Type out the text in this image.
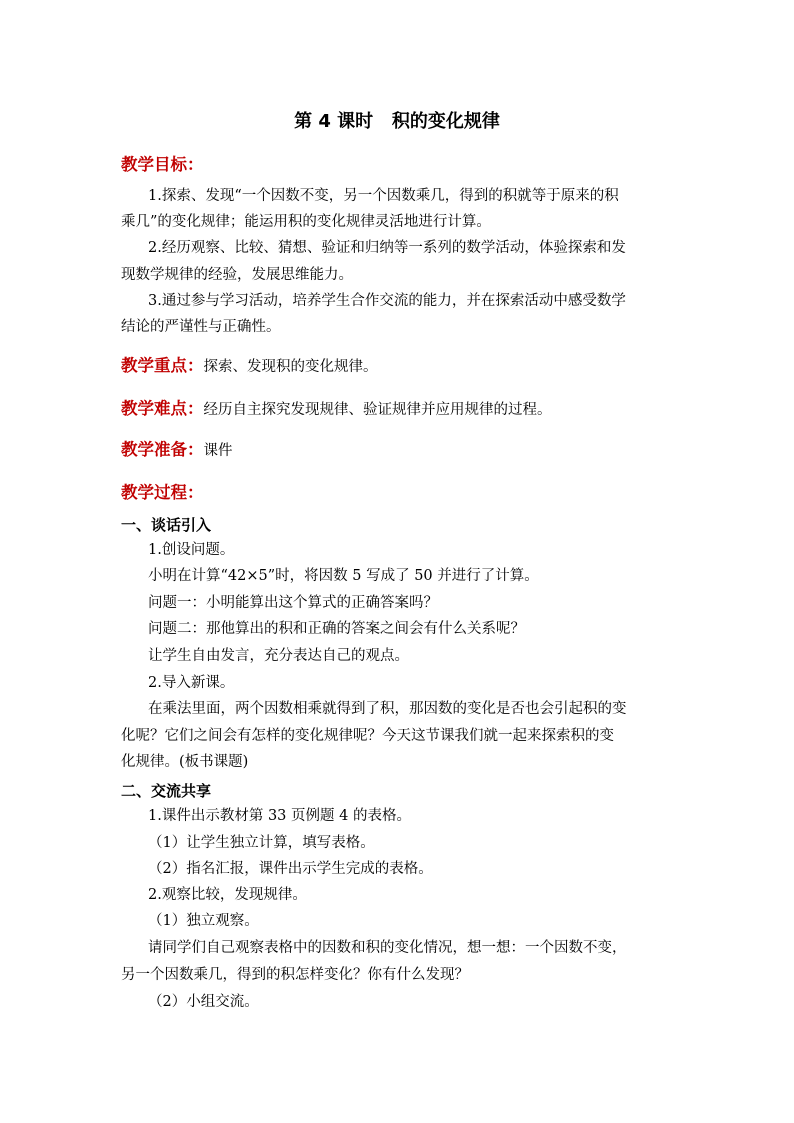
第 4 课时   积的变化规律
教学目标：
1.探索、发现“一个因数不变，另一个因数乘几，得到的积就等于原来的积
乘几”的变化规律；能运用积的变化规律灵活地进行计算。
2.经历观察、比较、猜想、验证和归纳等一系列的数学活动，体验探索和发
现数学规律的经验，发展思维能力。
3.通过参与学习活动，培养学生合作交流的能力，并在探索活动中感受数学
结论的严谨性与正确性。
教学重点：探索、发现积的变化规律。
教学难点：经历自主探究发现规律、验证规律并应用规律的过程。
教学准备：课件
教学过程：
一、谈话引入
1.创设问题。
小明在计算“42×5”时，将因数 5 写成了 50 并进行了计算。
问题一：小明能算出这个算式的正确答案吗？
问题二：那他算出的积和正确的答案之间会有什么关系呢？
让学生自由发言，充分表达自己的观点。
2.导入新课。
在乘法里面，两个因数相乘就得到了积，那因数的变化是否也会引起积的变
化呢？它们之间会有怎样的变化规律呢？今天这节课我们就一起来探索积的变
化规律。(板书课题)
二、交流共享
1.课件出示教材第 33 页例题 4 的表格。
（1）让学生独立计算，填写表格。
（2）指名汇报，课件出示学生完成的表格。
2.观察比较，发现规律。
（1）独立观察。
请同学们自己观察表格中的因数和积的变化情况，想一想：一个因数不变，
另一个因数乘几，得到的积怎样变化？你有什么发现？
（2）小组交流。
